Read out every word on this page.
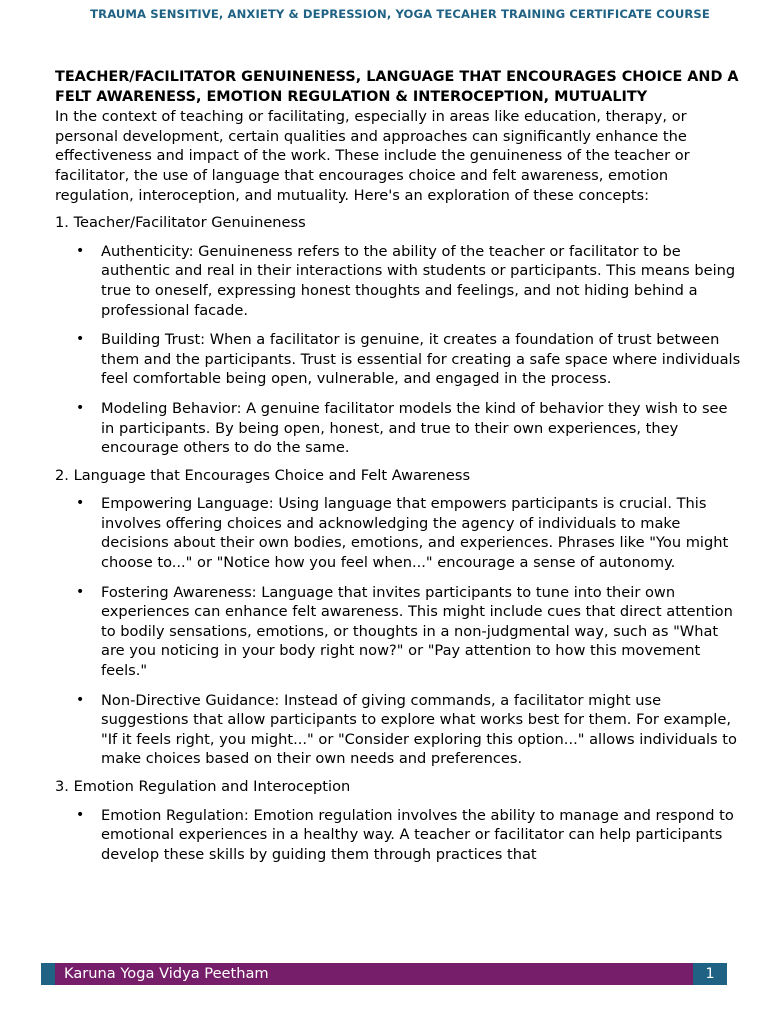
TRAUMA SENSITIVE, ANXIETY & DEPRESSION, YOGA TECAHER TRAINING CERTIFICATE COURSE

TEACHER/FACILITATOR GENUINENESS, LANGUAGE THAT ENCOURAGES CHOICE AND A FELT AWARENESS, EMOTION REGULATION & INTEROCEPTION, MUTUALITY

In the context of teaching or facilitating, especially in areas like education, therapy, or personal development, certain qualities and approaches can significantly enhance the effectiveness and impact of the work. These include the genuineness of the teacher or facilitator, the use of language that encourages choice and felt awareness, emotion regulation, interoception, and mutuality. Here's an exploration of these concepts:

1. Teacher/Facilitator Genuineness

• Authenticity: Genuineness refers to the ability of the teacher or facilitator to be authentic and real in their interactions with students or participants. This means being true to oneself, expressing honest thoughts and feelings, and not hiding behind a professional facade.
• Building Trust: When a facilitator is genuine, it creates a foundation of trust between them and the participants. Trust is essential for creating a safe space where individuals feel comfortable being open, vulnerable, and engaged in the process.
• Modeling Behavior: A genuine facilitator models the kind of behavior they wish to see in participants. By being open, honest, and true to their own experiences, they encourage others to do the same.

2. Language that Encourages Choice and Felt Awareness

• Empowering Language: Using language that empowers participants is crucial. This involves offering choices and acknowledging the agency of individuals to make decisions about their own bodies, emotions, and experiences. Phrases like "You might choose to..." or "Notice how you feel when..." encourage a sense of autonomy.
• Fostering Awareness: Language that invites participants to tune into their own experiences can enhance felt awareness. This might include cues that direct attention to bodily sensations, emotions, or thoughts in a non-judgmental way, such as "What are you noticing in your body right now?" or "Pay attention to how this movement feels."
• Non-Directive Guidance: Instead of giving commands, a facilitator might use suggestions that allow participants to explore what works best for them. For example, "If it feels right, you might..." or "Consider exploring this option..." allows individuals to make choices based on their own needs and preferences.

3. Emotion Regulation and Interoception

• Emotion Regulation: Emotion regulation involves the ability to manage and respond to emotional experiences in a healthy way. A teacher or facilitator can help participants develop these skills by guiding them through practices that
Karuna Yoga Vidya Peetham	1
